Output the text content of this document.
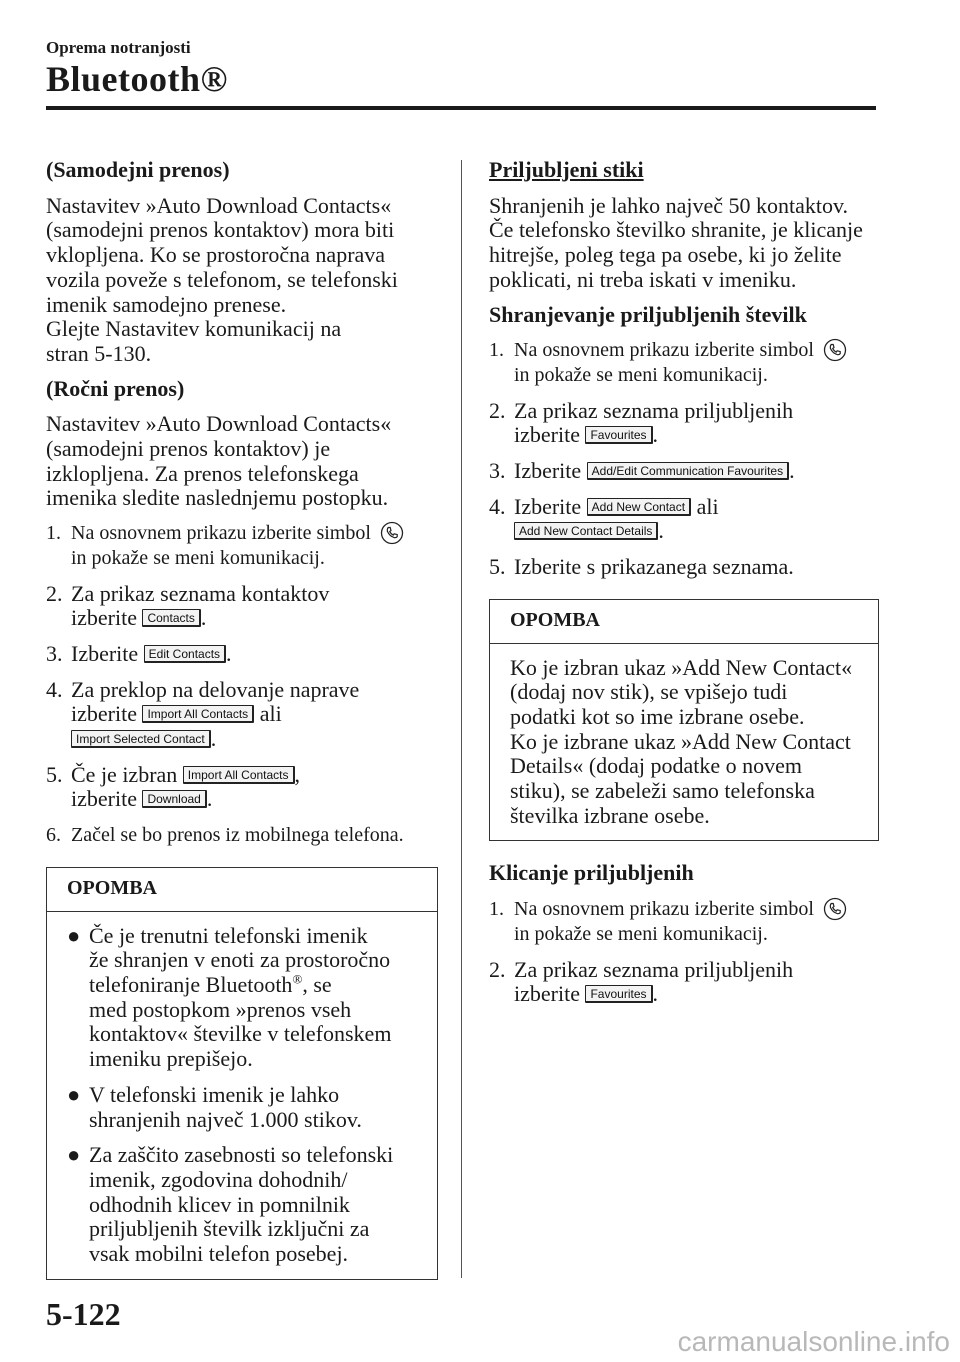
Oprema notranjosti
Bluetooth®
(Samodejni prenos)

Nastavitev »Auto Download Contacts«
(samodejni prenos kontaktov) mora biti
vklopljena. Ko se prostoročna naprava
vozila poveže s telefonom, se telefonski
imenik samodejno prenese.
Glejte Nastavitev komunikacij na
stran 5-130.

(Ročni prenos)

Nastavitev »Auto Download Contacts«
(samodejni prenos kontaktov) je
izklopljena. Za prenos telefonskega
imenika sledite naslednjemu postopku.

1. Na osnovnem prikazu izberite simbol
in pokaže se meni komunikacij.
2. Za prikaz seznama kontaktov
izberite Contacts .
3. Izberite Edit Contacts .
4. Za preklop na delovanje naprave
izberite Import All Contacts ali
Import Selected Contact .
5. Če je izbran Import All Contacts ,
izberite Download .
6. Začel se bo prenos iz mobilnega telefona.
OPOMBA
● Če je trenutni telefonski imenik
že shranjen v enoti za prostoročno
telefoniranje Bluetooth®, se
med postopkom »prenos vseh
kontaktov« številke v telefonskem
imeniku prepišejo.
● V telefonski imenik je lahko
shranjenih največ 1.000 stikov.
● Za zaščito zasebnosti so telefonski
imenik, zgodovina dohodnih/
odhodnih klicev in pomnilnik
priljubljenih številk izključni za
vsak mobilni telefon posebej.
Priljubljeni stiki

Shranjenih je lahko največ 50 kontaktov.
Če telefonsko številko shranite, je klicanje
hitrejše, poleg tega pa osebe, ki jo želite
poklicati, ni treba iskati v imeniku.

Shranjevanje priljubljenih številk
1. Na osnovnem prikazu izberite simbol
in pokaže se meni komunikacij.
2. Za prikaz seznama priljubljenih
izberite Favourites .
3. Izberite Add/Edit Communication Favourites .
4. Izberite Add New Contact ali
Add New Contact Details .
5. Izberite s prikazanega seznama.
OPOMBA

Ko je izbran ukaz »Add New Contact«
(dodaj nov stik), se vpišejo tudi
podatki kot so ime izbrane osebe.
Ko je izbrane ukaz »Add New Contact
Details« (dodaj podatke o novem
stiku), se zabeleži samo telefonska
številka izbrane osebe.

Klicanje priljubljenih
1. Na osnovnem prikazu izberite simbol
in pokaže se meni komunikacij.
2. Za prikaz seznama priljubljenih
izberite Favourites .
5-122
carmanualsonline.info
